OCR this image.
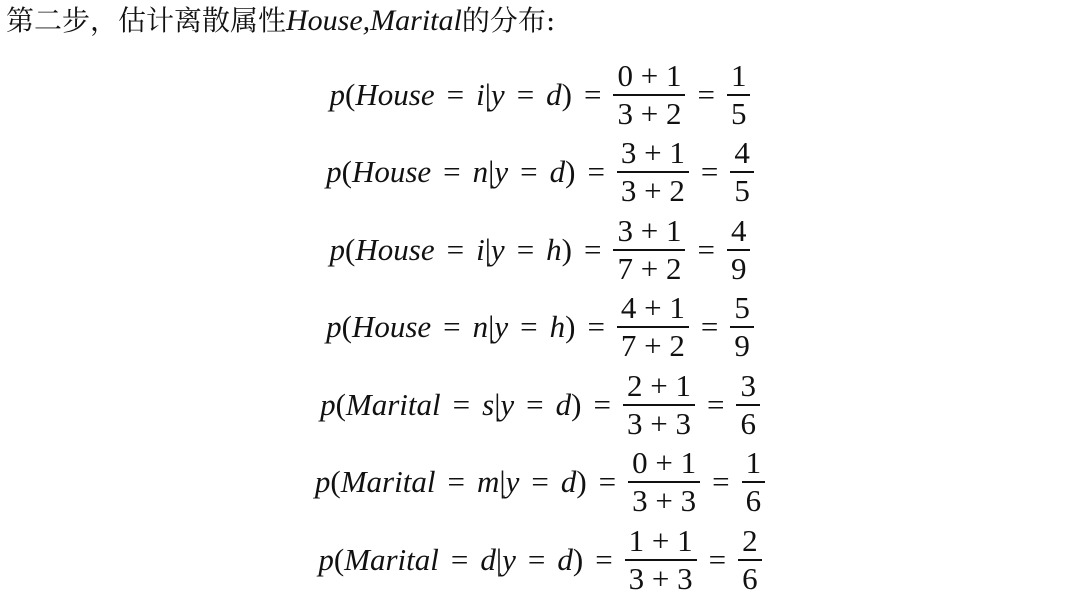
第二步，估计离散属性House,Marital的分布:
p(House = $i|y = d) = \frac{0 + 1}{3 + 2} = \frac{1}{5}$
p(House = $n|y = d) = \frac{3 + 1}{3 + 2} = \frac{4}{5}$
p(House = $i|y = h) = \frac{3 + 1}{7 + 2} = \frac{4}{9}$
p(House = $n|y = h) = \frac{4 + 1}{7 + 2} = \frac{5}{9}$
p(Marital = $s|y = d) = \frac{2 + 1}{3 + 3} = \frac{3}{6}$
p(Marital = $m|y = d) = \frac{0 + 1}{3 + 3} = \frac{1}{6}$
p(Marital = $d|y = d) = \frac{1 + 1}{3 + 3} = \frac{2}{6}$
